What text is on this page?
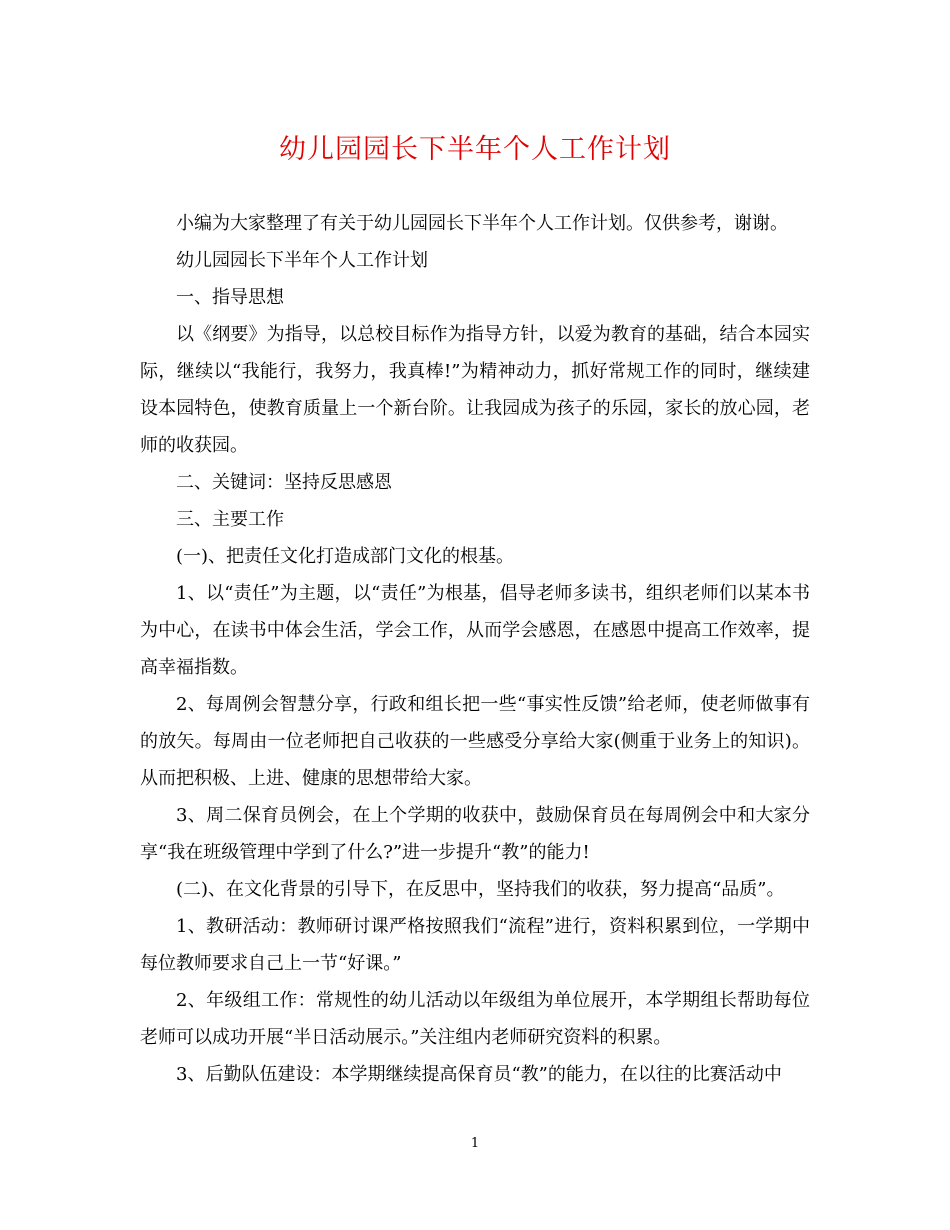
幼儿园园长下半年个人工作计划

小编为大家整理了有关于幼儿园园长下半年个人工作计划。仅供参考，谢谢。

幼儿园园长下半年个人工作计划

一、指导思想

以《纲要》为指导，以总校目标作为指导方针，以爱为教育的基础，结合本园实际，继续以“我能行，我努力，我真棒!”为精神动力，抓好常规工作的同时，继续建设本园特色，使教育质量上一个新台阶。让我园成为孩子的乐园，家长的放心园，老师的收获园。

二、关键词：坚持反思感恩

三、主要工作

(一)、把责任文化打造成部门文化的根基。

1、以“责任”为主题，以“责任”为根基，倡导老师多读书，组织老师们以某本书为中心，在读书中体会生活，学会工作，从而学会感恩，在感恩中提高工作效率，提高幸福指数。

2、每周例会智慧分享，行政和组长把一些“事实性反馈”给老师，使老师做事有的放矢。每周由一位老师把自己收获的一些感受分享给大家(侧重于业务上的知识)。从而把积极、上进、健康的思想带给大家。

3、周二保育员例会，在上个学期的收获中，鼓励保育员在每周例会中和大家分享“我在班级管理中学到了什么?”进一步提升“教”的能力!

(二)、在文化背景的引导下，在反思中，坚持我们的收获，努力提高“品质”。

1、教研活动：教师研讨课严格按照我们“流程”进行，资料积累到位，一学期中每位教师要求自己上一节“好课。”

2、年级组工作：常规性的幼儿活动以年级组为单位展开，本学期组长帮助每位老师可以成功开展“半日活动展示。”关注组内老师研究资料的积累。

3、后勤队伍建设：本学期继续提高保育员“教”的能力，在以往的比赛活动中

1
